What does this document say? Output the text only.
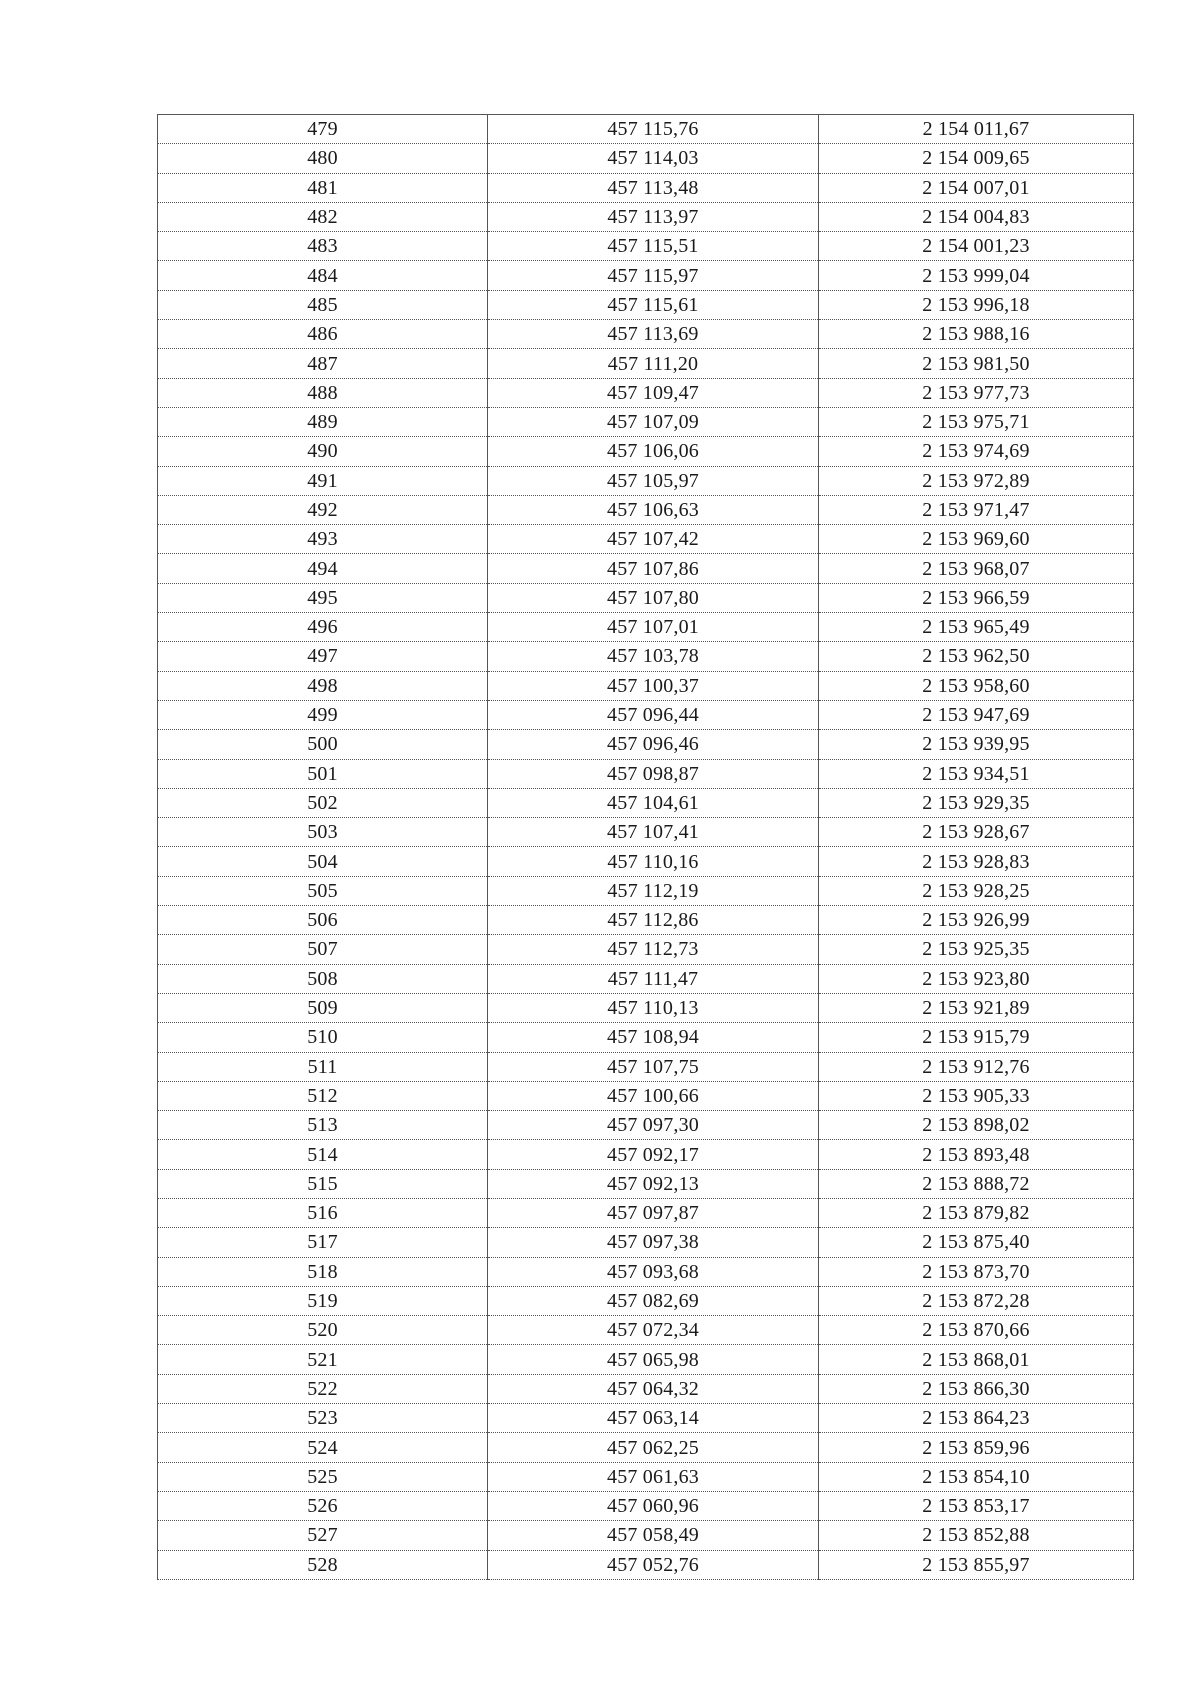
479	457 115,76	2 154 011,67
480	457 114,03	2 154 009,65
481	457 113,48	2 154 007,01
482	457 113,97	2 154 004,83
483	457 115,51	2 154 001,23
484	457 115,97	2 153 999,04
485	457 115,61	2 153 996,18
486	457 113,69	2 153 988,16
487	457 111,20	2 153 981,50
488	457 109,47	2 153 977,73
489	457 107,09	2 153 975,71
490	457 106,06	2 153 974,69
491	457 105,97	2 153 972,89
492	457 106,63	2 153 971,47
493	457 107,42	2 153 969,60
494	457 107,86	2 153 968,07
495	457 107,80	2 153 966,59
496	457 107,01	2 153 965,49
497	457 103,78	2 153 962,50
498	457 100,37	2 153 958,60
499	457 096,44	2 153 947,69
500	457 096,46	2 153 939,95
501	457 098,87	2 153 934,51
502	457 104,61	2 153 929,35
503	457 107,41	2 153 928,67
504	457 110,16	2 153 928,83
505	457 112,19	2 153 928,25
506	457 112,86	2 153 926,99
507	457 112,73	2 153 925,35
508	457 111,47	2 153 923,80
509	457 110,13	2 153 921,89
510	457 108,94	2 153 915,79
511	457 107,75	2 153 912,76
512	457 100,66	2 153 905,33
513	457 097,30	2 153 898,02
514	457 092,17	2 153 893,48
515	457 092,13	2 153 888,72
516	457 097,87	2 153 879,82
517	457 097,38	2 153 875,40
518	457 093,68	2 153 873,70
519	457 082,69	2 153 872,28
520	457 072,34	2 153 870,66
521	457 065,98	2 153 868,01
522	457 064,32	2 153 866,30
523	457 063,14	2 153 864,23
524	457 062,25	2 153 859,96
525	457 061,63	2 153 854,10
526	457 060,96	2 153 853,17
527	457 058,49	2 153 852,88
528	457 052,76	2 153 855,97
